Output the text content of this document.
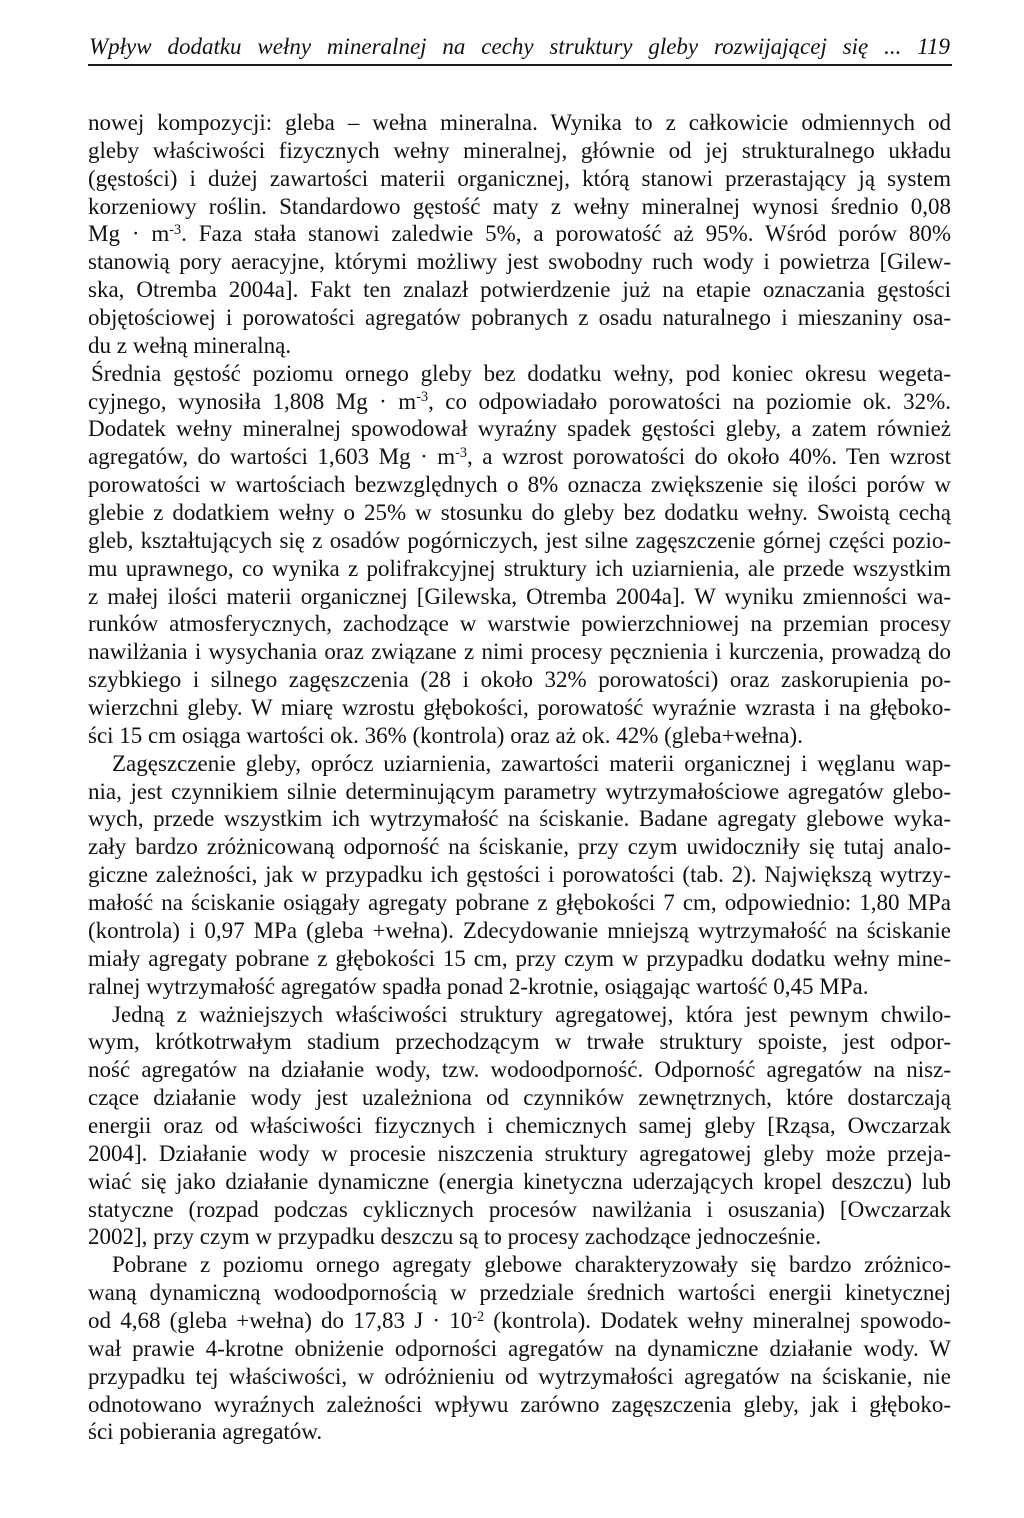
Wpływ dodatku wełny mineralnej na cechy struktury gleby rozwijającej się ... 119
nowej kompozycji: gleba – wełna mineralna. Wynika to z całkowicie odmiennych od
gleby właściwości fizycznych wełny mineralnej, głównie od jej strukturalnego układu
(gęstości) i dużej zawartości materii organicznej, którą stanowi przerastający ją system
korzeniowy roślin. Standardowo gęstość maty z wełny mineralnej wynosi średnio 0,08
$Mg \cdot m^{-3}$. Faza stała stanowi zaledwie 5%, a porowatość aż 95%. Wśród porów 80%
stanowią pory aeracyjne, którymi możliwy jest swobodny ruch wody i powietrza [Gilew-
ska, Otremba 2004a]. Fakt ten znalazł potwierdzenie już na etapie oznaczania gęstości
objętościowej i porowatości agregatów pobranych z osadu naturalnego i mieszaniny osa-
du z wełną mineralną.
Średnia gęstość poziomu ornego gleby bez dodatku wełny, pod koniec okresu wegeta-
cyjnego, wynosiła 1,808 $Mg \cdot m^{-3}$, co odpowiadało porowatości na poziomie ok. 32%.
Dodatek wełny mineralnej spowodował wyraźny spadek gęstości gleby, a zatem również
agregatów, do wartości 1,603 $Mg \cdot m^{-3}$, a wzrost porowatości do około 40%. Ten wzrost
porowatości w wartościach bezwzględnych o 8% oznacza zwiększenie się ilości porów w
glebie z dodatkiem wełny o 25% w stosunku do gleby bez dodatku wełny. Swoistą cechą
gleb, kształtujących się z osadów pogórniczych, jest silne zagęszczenie górnej części pozio-
mu uprawnego, co wynika z polifrakcyjnej struktury ich uziarnienia, ale przede wszystkim
z małej ilości materii organicznej [Gilewska, Otremba 2004a]. W wyniku zmienności wa-
runków atmosferycznych, zachodzące w warstwie powierzchniowej na przemian procesy
nawilżania i wysychania oraz związane z nimi procesy pęcznienia i kurczenia, prowadzą do
szybkiego i silnego zagęszczenia (28 i około 32% porowatości) oraz zaskorupienia po-
wierzchni gleby. W miarę wzrostu głębokości, porowatość wyraźnie wzrasta i na głęboko-
ści 15 cm osiąga wartości ok. 36% (kontrola) oraz aż ok. 42% (gleba+wełna).
Zagęszczenie gleby, oprócz uziarnienia, zawartości materii organicznej i węglanu wap-
nia, jest czynnikiem silnie determinującym parametry wytrzymałościowe agregatów glebo-
wych, przede wszystkim ich wytrzymałość na ściskanie. Badane agregaty glebowe wyka-
zały bardzo zróżnicowaną odporność na ściskanie, przy czym uwidoczniły się tutaj analo-
giczne zależności, jak w przypadku ich gęstości i porowatości (tab. 2). Największą wytrzy-
małość na ściskanie osiągały agregaty pobrane z głębokości 7 cm, odpowiednio: 1,80 MPa
(kontrola) i 0,97 MPa (gleba +wełna). Zdecydowanie mniejszą wytrzymałość na ściskanie
miały agregaty pobrane z głębokości 15 cm, przy czym w przypadku dodatku wełny mine-
ralnej wytrzymałość agregatów spadła ponad 2-krotnie, osiągając wartość 0,45 MPa.
Jedną z ważniejszych właściwości struktury agregatowej, która jest pewnym chwilo-
wym, krótkotrwałym stadium przechodzącym w trwałe struktury spoiste, jest odpor-
ność agregatów na działanie wody, tzw. wodoodporność. Odporność agregatów na nisz-
czące działanie wody jest uzależniona od czynników zewnętrznych, które dostarczają
energii oraz od właściwości fizycznych i chemicznych samej gleby [Rząsa, Owczarzak
2004]. Działanie wody w procesie niszczenia struktury agregatowej gleby może przeja-
wiać się jako działanie dynamiczne (energia kinetyczna uderzających kropel deszczu) lub
statyczne (rozpad podczas cyklicznych procesów nawilżania i osuszania) [Owczarzak
2002], przy czym w przypadku deszczu są to procesy zachodzące jednocześnie.
Pobrane z poziomu ornego agregaty glebowe charakteryzowały się bardzo zróżnico-
waną dynamiczną wodoodpornością w przedziale średnich wartości energii kinetycznej
od 4,68 (gleba +wełna) do 17,83 $J \cdot 10^{-2}$ (kontrola). Dodatek wełny mineralnej spowodo-
wał prawie 4-krotne obniżenie odporności agregatów na dynamiczne działanie wody. W
przypadku tej właściwości, w odróżnieniu od wytrzymałości agregatów na ściskanie, nie
odnotowano wyraźnych zależności wpływu zarówno zagęszczenia gleby, jak i głęboko-
ści pobierania agregatów.
